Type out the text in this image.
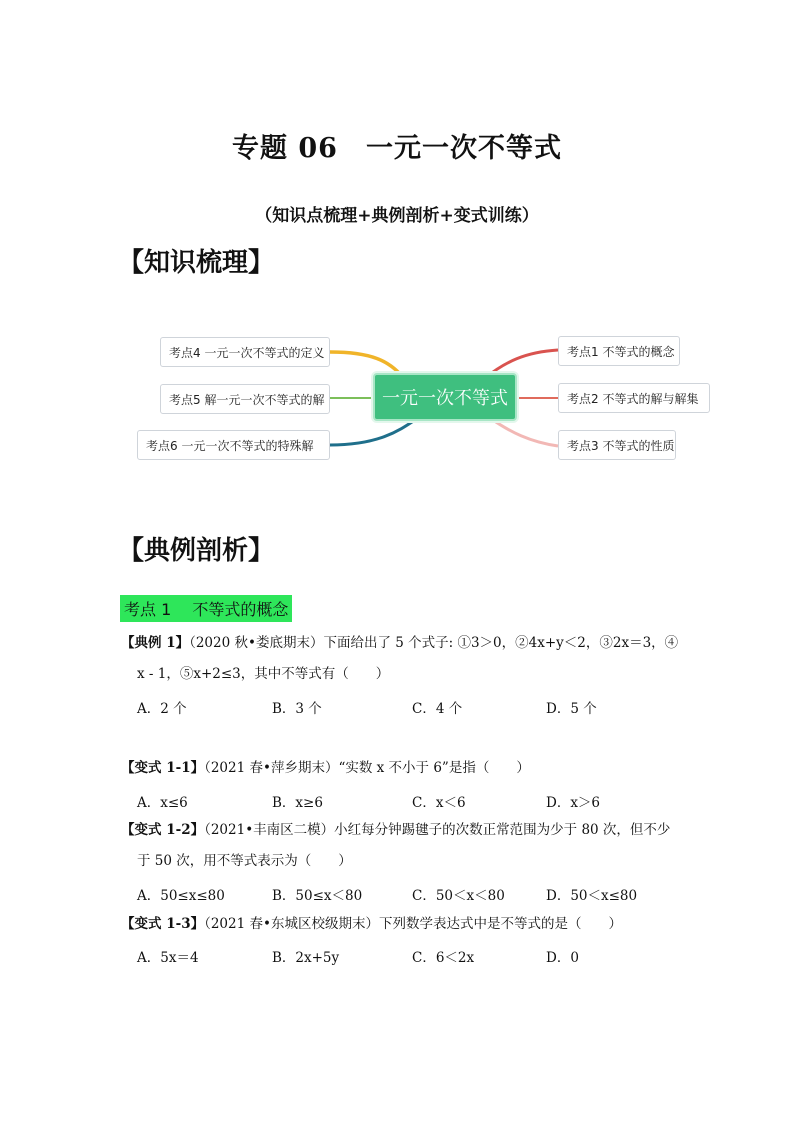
专题 06　一元一次不等式
（知识点梳理+典例剖析+变式训练）
【知识梳理】
考点4 一元一次不等式的定义
考点5 解一元一次不等式的解
考点6 一元一次不等式的特殊解
一元一次不等式
考点1 不等式的概念
考点2 不等式的解与解集
考点3 不等式的性质
【典例剖析】
考点 1　 不等式的概念
【典例 1】（2020 秋•娄底期末）下面给出了 5 个式子: ①3＞0，②4x+y＜2，③2x＝3，④
x - 1，⑤x+2≤3，其中不等式有（　　）
A．2 个	B．3 个	C．4 个	D．5 个
【变式 1-1】（2021 春•萍乡期末）“实数 x 不小于 6”是指（　　）
A．x≤6	B．x≥6	C．x＜6	D．x＞6
【变式 1-2】（2021•丰南区二模）小红每分钟踢毽子的次数正常范围为少于 80 次，但不少
于 50 次，用不等式表示为（　　）
A．50≤x≤80	B．50≤x＜80	C．50＜x＜80	D．50＜x≤80
【变式 1-3】（2021 春•东城区校级期末）下列数学表达式中是不等式的是（　　）
A．5x＝4	B．2x+5y	C．6＜2x	D．0
